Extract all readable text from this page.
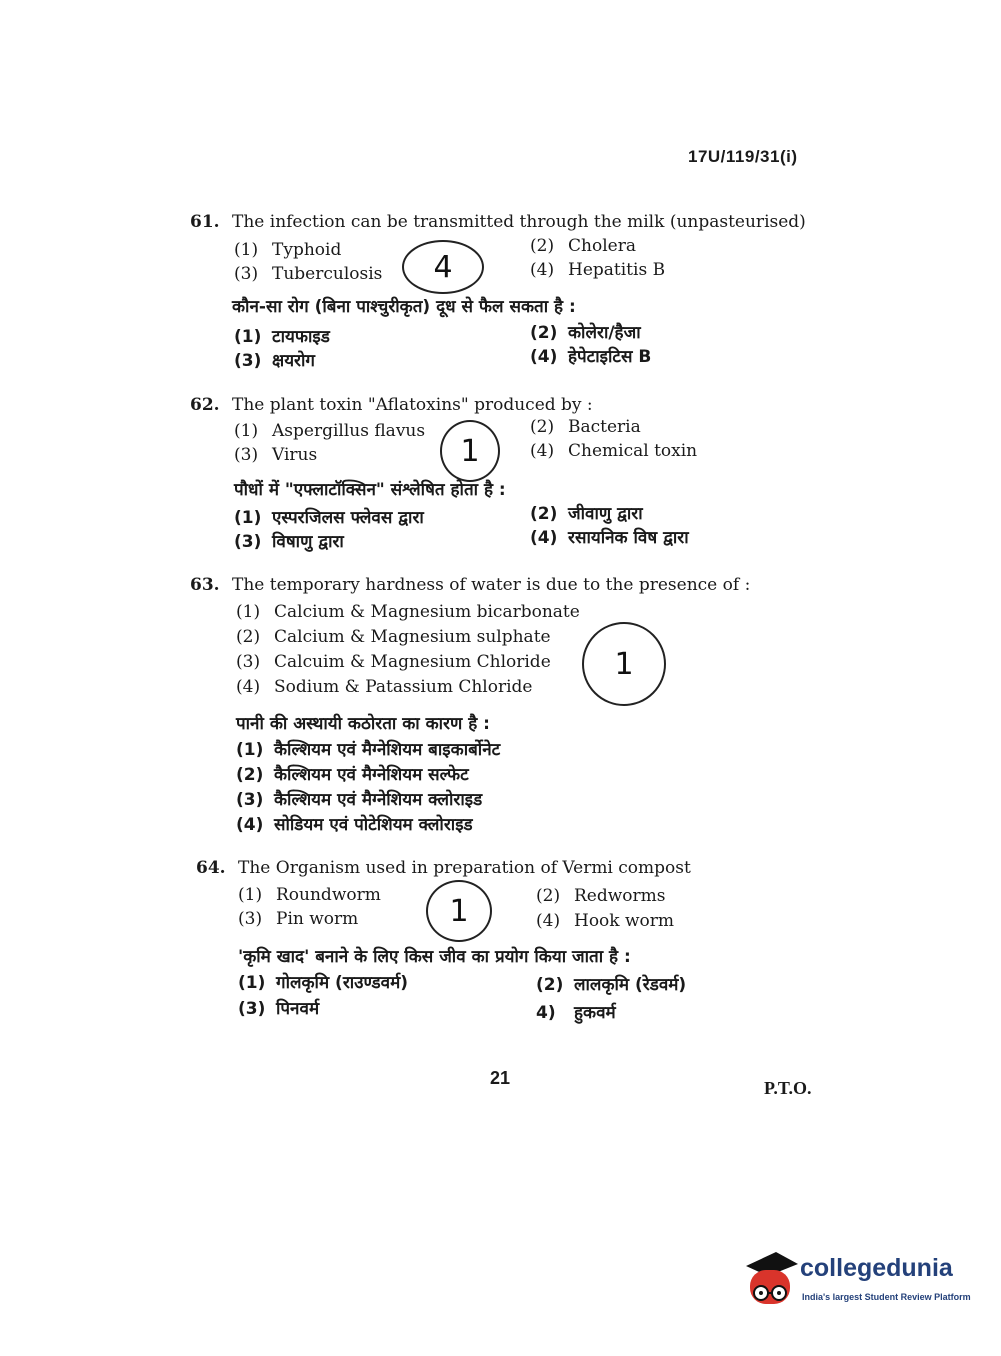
17U/119/31(i)
61. The infection can be transmitted through the milk (unpasteurised)
(1) Typhoid	(2) Cholera
(3) Tuberculosis	(4) Hepatitis B
कौन-सा रोग (बिना पाश्चुरीकृत) दूध से फैल सकता है :
(1) टायफाइड	(2) कोलेरा/हैजा
(3) क्षयरोग	(4) हेपेटाइटिस B
4
62. The plant toxin "Aflatoxins" produced by :
(1) Aspergillus flavus	(2) Bacteria
(3) Virus	(4) Chemical toxin
पौधों में "एफ्लाटॉक्सिन" संश्लेषित होता है :
(1) एस्परजिलस फ्लेवस द्वारा	(2) जीवाणु द्वारा
(3) विषाणु द्वारा	(4) रसायनिक विष द्वारा
1
63. The temporary hardness of water is due to the presence of :
(1) Calcium & Magnesium bicarbonate
(2) Calcium & Magnesium sulphate
(3) Calcuim & Magnesium Chloride
(4) Sodium & Patassium Chloride
पानी की अस्थायी कठोरता का कारण है :
(1) कैल्शियम एवं मैग्नेशियम बाइकार्बोनेट
(2) कैल्शियम एवं मैग्नेशियम सल्फेट
(3) कैल्शियम एवं मैग्नेशियम क्लोराइड
(4) सोडियम एवं पोटेशियम क्लोराइड
1
64. The Organism used in preparation of Vermi compost
(1) Roundworm	(2) Redworms
(3) Pin worm	(4) Hook worm
'कृमि खाद' बनाने के लिए किस जीव का प्रयोग किया जाता है :
(1) गोलकृमि (राउण्डवर्म)	(2) लालकृमि (रेडवर्म)
(3) पिनवर्म	4) हुकवर्म
1
21	P.T.O.
collegedunia
India's largest Student Review Platform
